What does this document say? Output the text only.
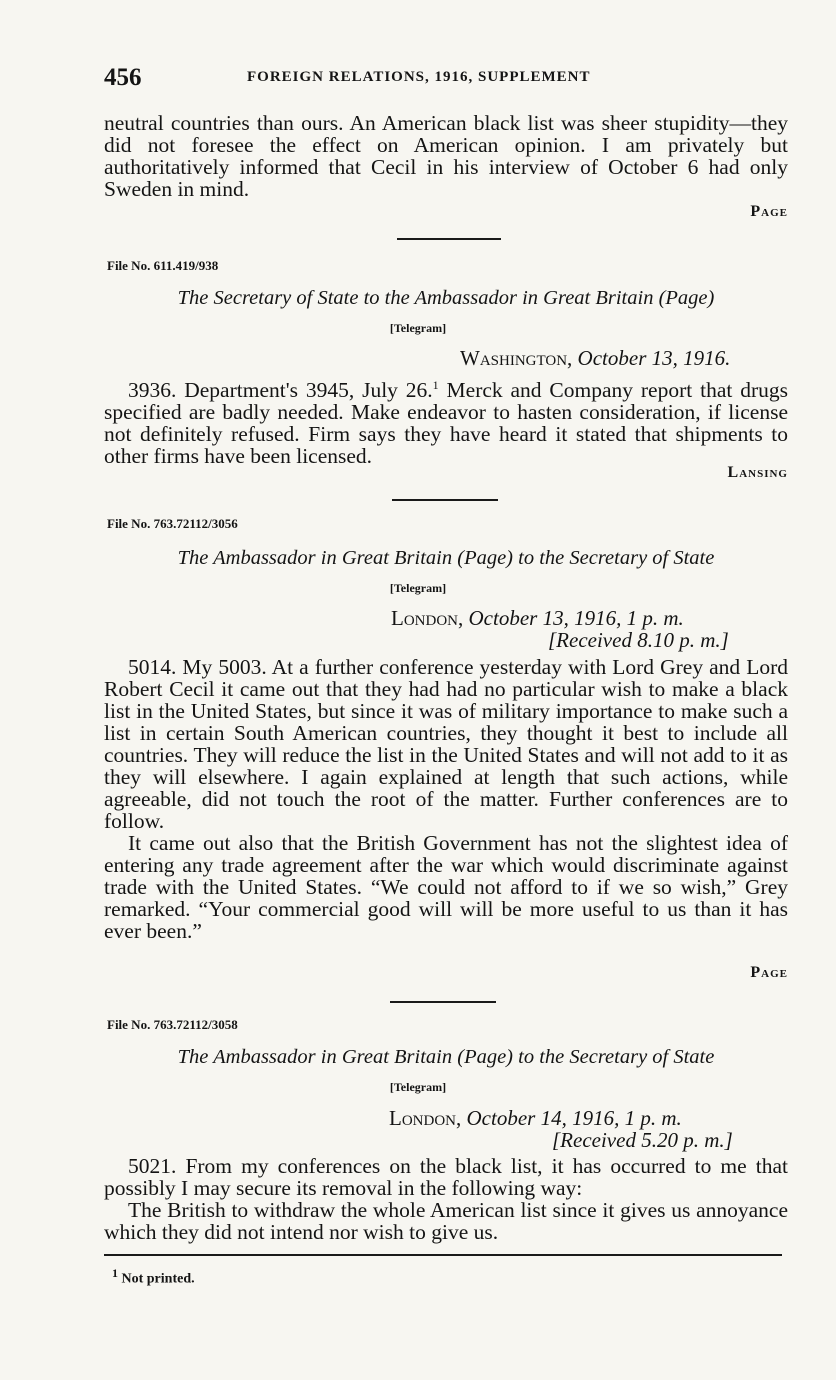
456	FOREIGN RELATIONS, 1916, SUPPLEMENT

neutral countries than ours. An American black list was sheer stupidity—they did not foresee the effect on American opinion. I am privately but authoritatively informed that Cecil in his interview of October 6 had only Sweden in mind.

Page
File No. 611.419/938
The Secretary of State to the Ambassador in Great Britain (Page)
[Telegram]
Washington, October 13, 1916.

3936. Department's 3945, July 26.$^1$ Merck and Company report that drugs specified are badly needed. Make endeavor to hasten consideration, if license not definitely refused. Firm says they have heard it stated that shipments to other firms have been licensed.

Lansing
File No. 763.72112/3056
The Ambassador in Great Britain (Page) to the Secretary of State
[Telegram]
London, October 13, 1916, 1 p. m.
[Received 8.10 p. m.]

5014. My 5003. At a further conference yesterday with Lord Grey and Lord Robert Cecil it came out that they had had no particular wish to make a black list in the United States, but since it was of military importance to make such a list in certain South American countries, they thought it best to include all countries. They will reduce the list in the United States and will not add to it as they will elsewhere. I again explained at length that such actions, while agreeable, did not touch the root of the matter. Further conferences are to follow.

It came out also that the British Government has not the slightest idea of entering any trade agreement after the war which would discriminate against trade with the United States. “We could not afford to if we so wish,” Grey remarked. “Your commercial good will will be more useful to us than it has ever been.”

Page
File No. 763.72112/3058
The Ambassador in Great Britain (Page) to the Secretary of State
[Telegram]
London, October 14, 1916, 1 p. m.
[Received 5.20 p. m.]

5021. From my conferences on the black list, it has occurred to me that possibly I may secure its removal in the following way:

The British to withdraw the whole American list since it gives us annoyance which they did not intend nor wish to give us.

$^1$ Not printed.
